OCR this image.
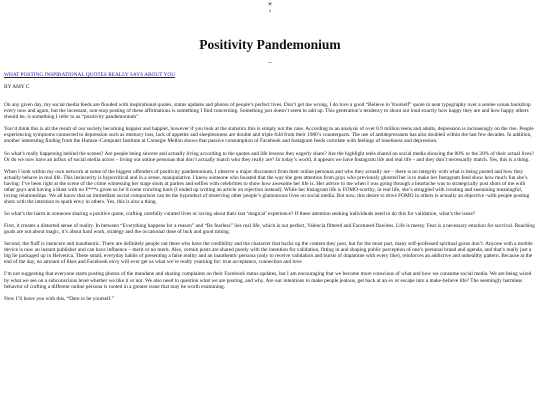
☀
♀
Positivity Pandemonium
–

WHAT POSTING INSPIRATIONAL QUOTES REALLY SAYS ABOUT YOU

BY AMY C

On any given day, my social media feeds are flooded with inspirational quotes, status updates and photos of people’s perfect lives. Don’t get me wrong, I do love a good “Believe in Yourself” quote in neat typography over a serene ocean backdrop every now and again, but the incessant, non-stop posting of these affirmations is something I find concerning. Something just doesn’t seem to add up. This generation’s tendency to shout out loud exactly how happy they are and how happy others should be, is something I refer to as “positivity pandemonium”.

You’d think this is all the result of our society becoming happier and happier, however if you look at the statistics this is simply not the case. According to an analysis of over 6.9 million teens and adults, depression is increasingly on the rise. People experiencing symptoms connected to depression such as memory loss, lack of appetite and sleeplessness are double and triple fold from their 1980’s counterparts. The use of antidepressants has also doubled within the last few decades. In addition, another interesting finding from the Human–Computer Institute at Carnegie Mellon shows that passive consumption of Facebook and Instagram feeds correlate with feelings of loneliness and depression.

So what’s really happening behind the scenes? Are people being sincere and actually living according to the quotes and life lessons they eagerly share? Are the highlight reels shared on social media showing the 80% or the 20% of their actual lives? Or do we now have an influx of social media actors – living out online personas that don’t actually match who they really are? In today’s world, it appears we have Instagram life and real life – and they don’t necessarily match. Yes, this is a thing.

When I look within my own network at some of the biggest offenders of positivity pandemonium, I observe a major disconnect from their online personas and who they actually are – there is no integrity with what is being posted and how they actually behave in real life. This insincerity is hypocritical and in a sense, manipulative. I know someone who boasted that the way she gets attention from guys who previously ghosted her is to make her Instagram feed show how much fun she’s having: I’ve been right at the scene of the crime witnessing her stage shots at parties and selfies with celebrities to show how awesome her life is. Her advice to me when I was going through a heartache was to strategically post shots of me with other guys and having a blast with no F***s given so he’d come crawling back (I ended up writing an article on rejection instead). While her Instagram life is FOMO-worthy, in real life, she’s struggled with creating and sustaining meaningful, loving relationships. We all know that an immediate social comparison can be the byproduct of observing other people’s glamourous lives on social media. But now, this desire to drive FOMO in others is actually an objective -with people posting shots with the intention to spark envy in others. Yes, this is also a thing.

So what’s the harm in someone sharing a positive quote, crafting carefully curated lives or raving about their last ‘magical’ experience? If these attention seeking individuals need to do this for validation, what’s the issue?

First, it creates a distorted sense of reality. In between “Everything happens for a reason” and “Be fearless” lies real life, which is not perfect, Valencia filtered and Facetuned flawless. Life is messy. Fear is a necessary emotion for survival. Reaching goals are not about magic, it’s about hard work, strategy and the occasional dose of luck and good timing.

Second, the fluff is insincere and inauthentic. There are definitely people out there who have the credibility and the character that backs up the content they post, but for the most part, many self-professed spiritual gurus don’t. Anyone with a mobile device is now an instant publisher and can have influence – merit or no merit. Also, certain posts are shared purely with the intention for validation, fitting in and shaping public perception of one’s personal brand and agenda, and that’s really just a big lie packaged up in Helvetica. These small, everyday habits of presenting a false reality and an inauthentic persona (only to receive validation and bursts of dopamine with every like), reinforces an addictive and unhealthy pattern. Because at the end of the day, no amount of likes and Facebook envy will ever get us what we’re really yearning for: true acceptance, connection and love.

I’m not suggesting that everyone starts posting photos of the mundane and sharing complaints on their Facebook status updates, but I am encouraging that we become more conscious of what and how we consume social media. We are being wired by what we see on a subconscious level whether we like it or not. We also need to question what we are posting, and why. Are our intentions to make people jealous, get back at an ex or escape into a make-believe life? The seemingly harmless behavior of crafting a different online persona is rooted in a greater issue that may be worth examining.

Now I’ll leave you with this, “Dare to be yourself.”
